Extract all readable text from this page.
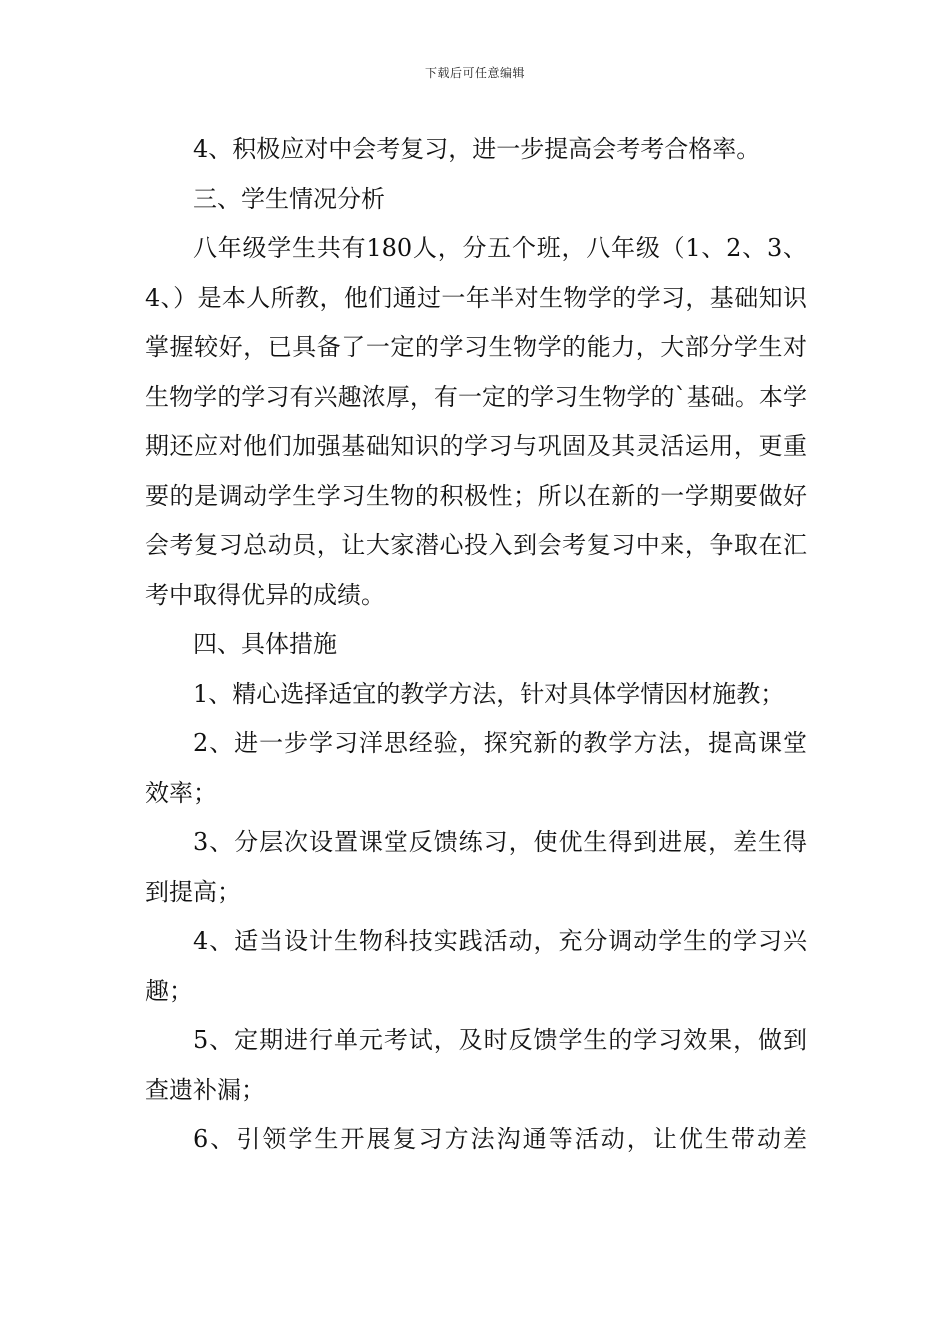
下载后可任意编辑

4、积极应对中会考复习，进一步提高会考考合格率。

三、学生情况分析

八年级学生共有180人，分五个班，八年级（1、2、3、4、）是本人所教，他们通过一年半对生物学的学习，基础知识掌握较好，已具备了一定的学习生物学的能力，大部分学生对生物学的学习有兴趣浓厚，有一定的学习生物学的`基础。本学期还应对他们加强基础知识的学习与巩固及其灵活运用，更重要的是调动学生学习生物的积极性；所以在新的一学期要做好会考复习总动员，让大家潜心投入到会考复习中来，争取在汇考中取得优异的成绩。

四、具体措施

1、精心选择适宜的教学方法，针对具体学情因材施教；

2、进一步学习洋思经验，探究新的教学方法，提高课堂效率；

3、分层次设置课堂反馈练习，使优生得到进展，差生得到提高；

4、适当设计生物科技实践活动，充分调动学生的学习兴趣；

5、定期进行单元考试，及时反馈学生的学习效果，做到查遗补漏；

6、引领学生开展复习方法沟通等活动，让优生带动差
